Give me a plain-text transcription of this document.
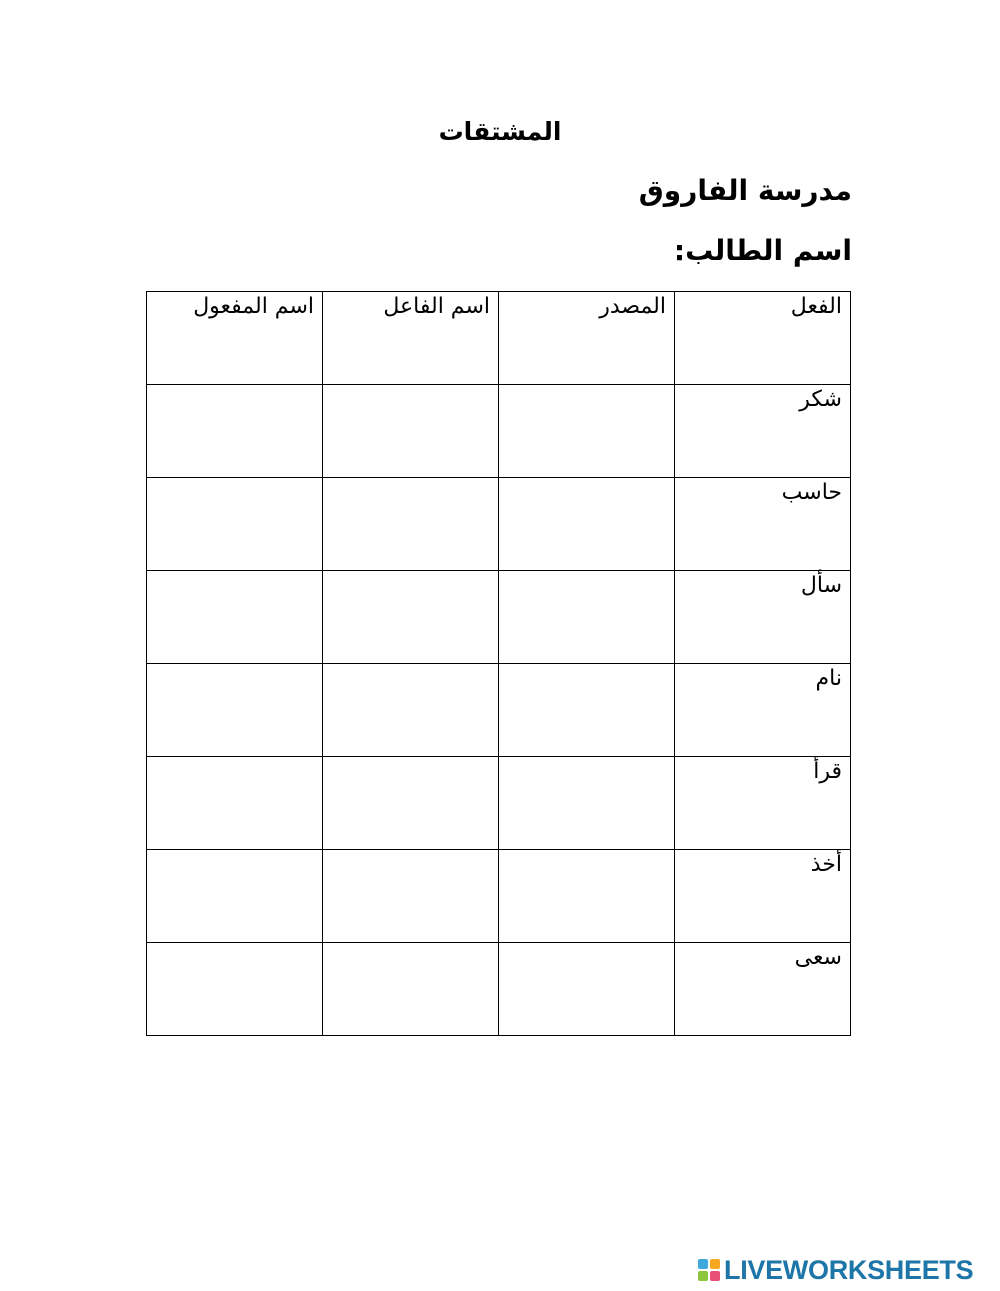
المشتقات
مدرسة الفاروق
اسم الطالب:
الفعل	المصدر	اسم الفاعل	اسم المفعول
شكر			
حاسب			
سأل			
نام			
قرأ			
أخذ			
سعى			
LIVEWORKSHEETS
